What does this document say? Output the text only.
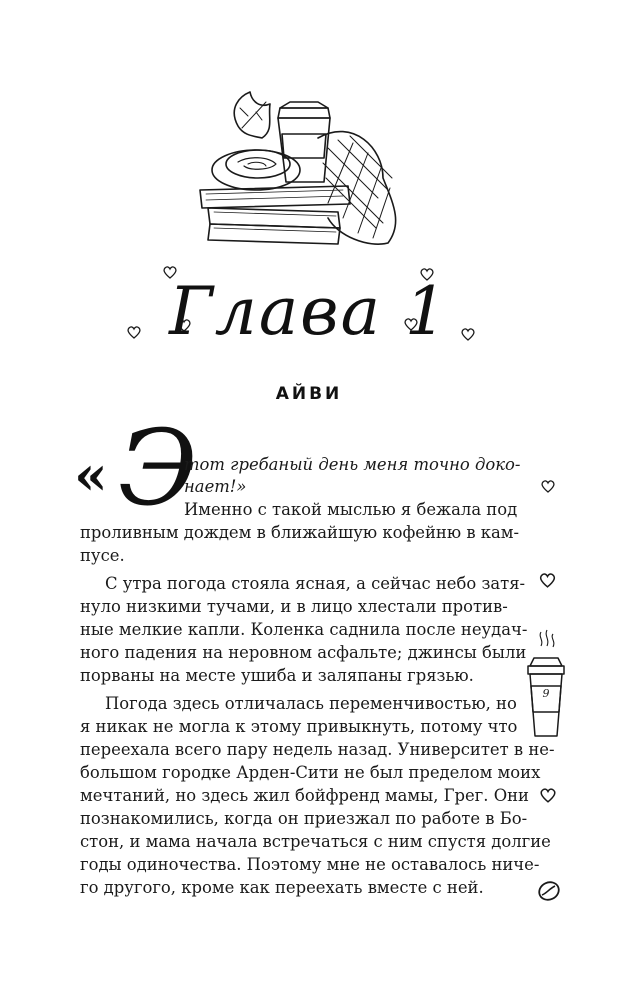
Глава 1
АЙВИ
« Э
тот гребаный день меня точно доко-
нает!»
Именно с такой мыслью я бежала под
проливным дождем в ближайшую кофейню в кам-
пусе.
С утра погода стояла ясная, а сейчас небо затя-
нуло низкими тучами, и в лицо хлестали против-
ные мелкие капли. Коленка саднила после неудач-
ного падения на неровном асфальте; джинсы были
порваны на месте ушиба и заляпаны грязью.
Погода здесь отличалась переменчивостью, но
я никак не могла к этому привыкнуть, потому что
переехала всего пару недель назад. Университет в не-
большом городке Арден-Сити не был пределом моих
мечтаний, но здесь жил бойфренд мамы, Грег. Они
познакомились, когда он приезжал по работе в Бо-
стон, и мама начала встречаться с ним спустя долгие
годы одиночества. Поэтому мне не оставалось ниче-
го другого, кроме как переехать вместе с ней.
9
